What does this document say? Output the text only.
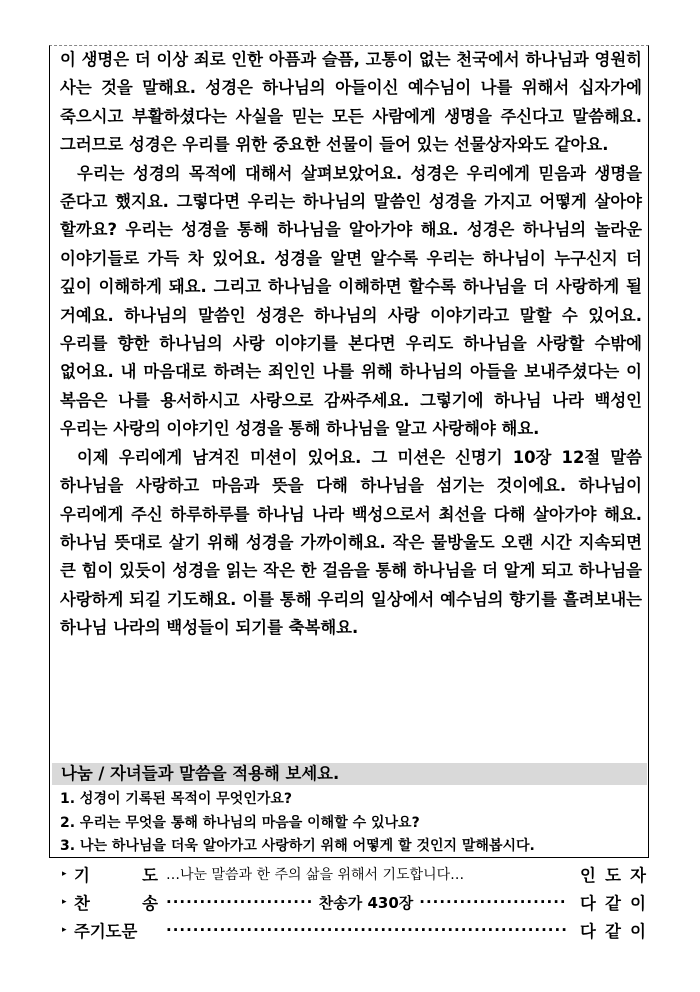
이 생명은 더 이상 죄로 인한 아픔과 슬픔, 고통이 없는 천국에서 하나님과 영원히 사는 것을 말해요. 성경은 하나님의 아들이신 예수님이 나를 위해서 십자가에 죽으시고 부활하셨다는 사실을 믿는 모든 사람에게 생명을 주신다고 말씀해요. 그러므로 성경은 우리를 위한 중요한 선물이 들어 있는 선물상자와도 같아요.

우리는 성경의 목적에 대해서 살펴보았어요. 성경은 우리에게 믿음과 생명을 준다고 했지요. 그렇다면 우리는 하나님의 말씀인 성경을 가지고 어떻게 살아야 할까요? 우리는 성경을 통해 하나님을 알아가야 해요. 성경은 하나님의 놀라운 이야기들로 가득 차 있어요. 성경을 알면 알수록 우리는 하나님이 누구신지 더 깊이 이해하게 돼요. 그리고 하나님을 이해하면 할수록 하나님을 더 사랑하게 될 거예요. 하나님의 말씀인 성경은 하나님의 사랑 이야기라고 말할 수 있어요. 우리를 향한 하나님의 사랑 이야기를 본다면 우리도 하나님을 사랑할 수밖에 없어요. 내 마음대로 하려는 죄인인 나를 위해 하나님의 아들을 보내주셨다는 이 복음은 나를 용서하시고 사랑으로 감싸주세요. 그렇기에 하나님 나라 백성인 우리는 사랑의 이야기인 성경을 통해 하나님을 알고 사랑해야 해요.

이제 우리에게 남겨진 미션이 있어요. 그 미션은 신명기 10장 12절 말씀 하나님을 사랑하고 마음과 뜻을 다해 하나님을 섬기는 것이에요. 하나님이 우리에게 주신 하루하루를 하나님 나라 백성으로서 최선을 다해 살아가야 해요. 하나님 뜻대로 살기 위해 성경을 가까이해요. 작은 물방울도 오랜 시간 지속되면 큰 힘이 있듯이 성경을 읽는 작은 한 걸음을 통해 하나님을 더 알게 되고 하나님을 사랑하게 되길 기도해요. 이를 통해 우리의 일상에서 예수님의 향기를 흘려보내는 하나님 나라의 백성들이 되기를 축복해요.

나눔 / 자녀들과 말씀을 적용해 보세요.
1. 성경이 기록된 목적이 무엇인가요?
2. 우리는 무엇을 통해 하나님의 마음을 이해할 수 있나요?
3. 나는 하나님을 더욱 알아가고 사랑하기 위해 어떻게 할 것인지 말해봅시다.
▸ 기	도 …나눈 말씀과 한 주의 삶을 위해서 기도합니다…	인 도 자
▸ 찬	송 ·····	찬송가 430장 ·····	다 같 이
▸ 주기도문 ·····	다 같 이
